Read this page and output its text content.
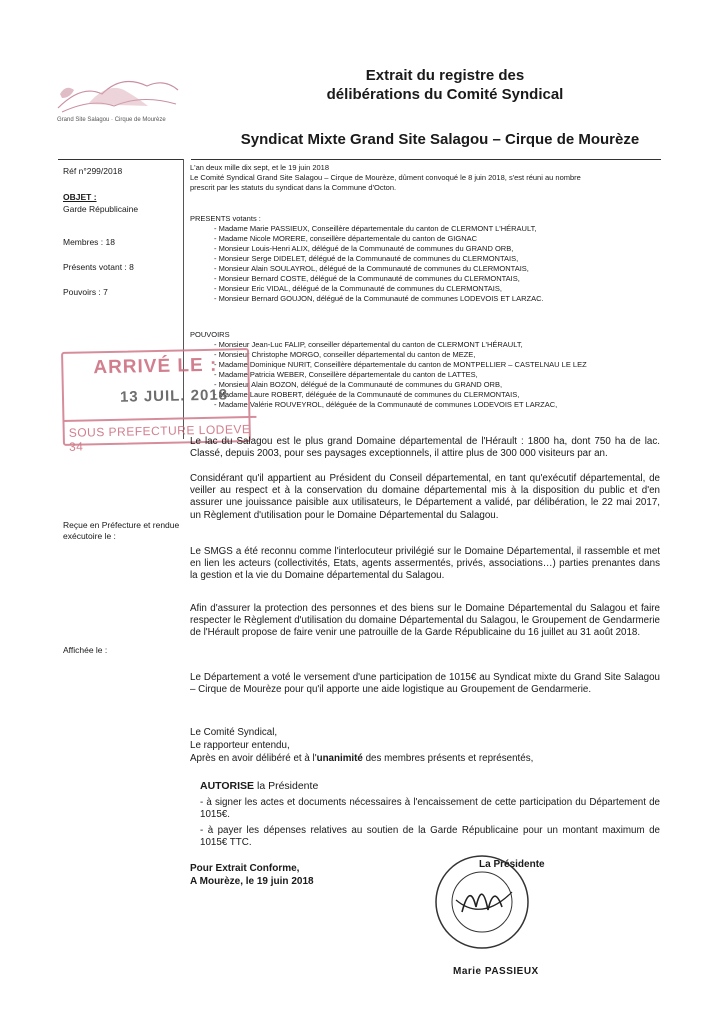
Grand Site Salagou · Cirque de Mourèze
Extrait du registre des
délibérations du Comité Syndical
Syndicat Mixte Grand Site Salagou – Cirque de Mourèze
Réf n°299/2018
OBJET :
Garde Républicaine
Membres : 18
Présents votant : 8
Pouvoirs : 7
Reçue en Préfecture et rendue exécutoire le :
Affichée le :
L'an deux mille dix sept, et le 19 juin 2018
Le Comité Syndical Grand Site Salagou – Cirque de Mourèze, dûment convoqué le 8 juin 2018, s'est réuni au nombre
prescrit par les statuts du syndicat dans la Commune d'Octon.
PRESENTS votants :
- Madame Marie PASSIEUX, Conseillère départementale du canton de CLERMONT L'HÉRAULT,
- Madame Nicole MORERE, conseillère départementale du canton de GIGNAC
- Monsieur Louis-Henri ALIX, délégué de la Communauté de communes du GRAND ORB,
- Monsieur Serge DIDELET, délégué de la Communauté de communes du CLERMONTAIS,
- Monsieur Alain SOULAYROL, délégué de la Communauté de communes du CLERMONTAIS,
- Monsieur Bernard COSTE, délégué de la Communauté de communes du CLERMONTAIS,
- Monsieur Eric VIDAL, délégué de la Communauté de communes du CLERMONTAIS,
- Monsieur Bernard GOUJON, délégué de la Communauté de communes LODEVOIS ET LARZAC.
POUVOIRS
- Monsieur Jean-Luc FALIP, conseiller départemental du canton de CLERMONT L'HÉRAULT,
- Monsieur Christophe MORGO, conseiller départemental du canton de MEZE,
- Madame Dominique NURIT, Conseillère départementale du canton de MONTPELLIER – CASTELNAU LE LEZ
- Madame Patricia WEBER, Conseillère départementale du canton de LATTES,
- Monsieur Alain BOZON, délégué de la Communauté de communes du GRAND ORB,
- Madame Laure ROBERT, déléguée de la Communauté de communes du CLERMONTAIS,
- Madame Valérie ROUVEYROL, déléguée de la Communauté de communes LODEVOIS ET LARZAC,
ARRIVÉ LE :
13 JUIL. 2018
SOUS PREFECTURE LODEVE 34	Le lac du Salagou est le plus grand Domaine départemental de l'Hérault : 1800 ha, dont 750 ha de lac. Classé, depuis 2003, pour ses paysages exceptionnels, il attire plus de 300 000 visiteurs par an.
Considérant qu'il appartient au Président du Conseil départemental, en tant qu'exécutif départemental, de veiller au respect et à la conservation du domaine départemental mis à la disposition du public et d'en assurer une jouissance paisible aux utilisateurs, le Département a validé, par délibération, le 22 mai 2017, un Règlement d'utilisation pour le Domaine Départemental du Salagou.
Le SMGS a été reconnu comme l'interlocuteur privilégié sur le Domaine Départemental, il rassemble et met en lien les acteurs (collectivités, Etats, agents assermentés, privés, associations…) parties prenantes dans la gestion et la vie du Domaine départemental du Salagou.
Afin d'assurer la protection des personnes et des biens sur le Domaine Départemental du Salagou et faire respecter le Règlement d'utilisation du domaine Départemental du Salagou, le Groupement de Gendarmerie de l'Hérault propose de faire venir une patrouille de la Garde Républicaine du 16 juillet au 31 août 2018.
Le Département a voté le versement d'une participation de 1015€ au Syndicat mixte du Grand Site Salagou – Cirque de Mourèze pour qu'il apporte une aide logistique au Groupement de Gendarmerie.
Le Comité Syndical,
Le rapporteur entendu,
Après en avoir délibéré et à l'unanimité des membres présents et représentés,
AUTORISE la Présidente
- à signer les actes et documents nécessaires à l'encaissement de cette participation du Département de 1015€.
- à payer les dépenses relatives au soutien de la Garde Républicaine pour un montant maximum de 1015€ TTC.
Pour Extrait Conforme,
A Mourèze, le 19 juin 2018
La Présidente
Marie PASSIEUX
